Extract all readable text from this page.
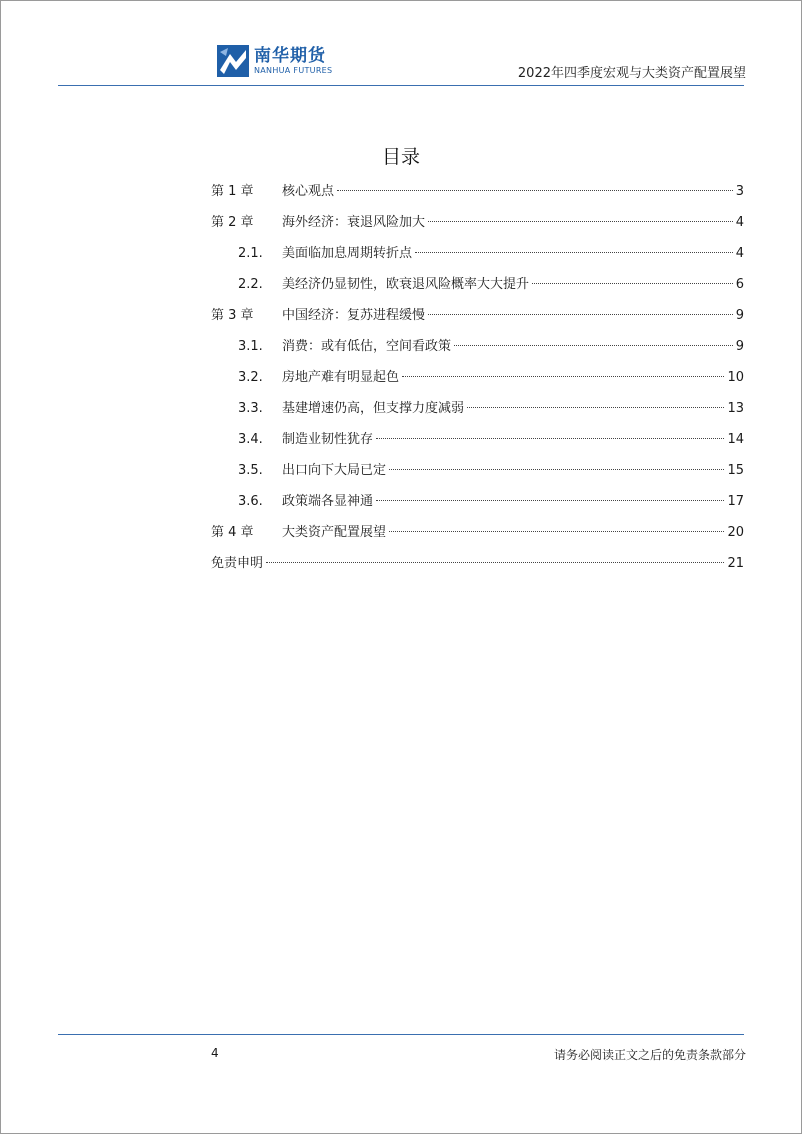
南华期货
NANHUA FUTURES	2022年四季度宏观与大类资产配置展望
目录
第 1 章	核心观点	3
第 2 章	海外经济：衰退风险加大	4
2.1.	美面临加息周期转折点	4
2.2.	美经济仍显韧性，欧衰退风险概率大大提升	6
第 3 章	中国经济：复苏进程缓慢	9
3.1.	消费：或有低估，空间看政策	9
3.2.	房地产难有明显起色	10
3.3.	基建增速仍高，但支撑力度减弱	13
3.4.	制造业韧性犹存	14
3.5.	出口向下大局已定	15
3.6.	政策端各显神通	17
第 4 章	大类资产配置展望	20
免责申明	21
4	请务必阅读正文之后的免责条款部分
